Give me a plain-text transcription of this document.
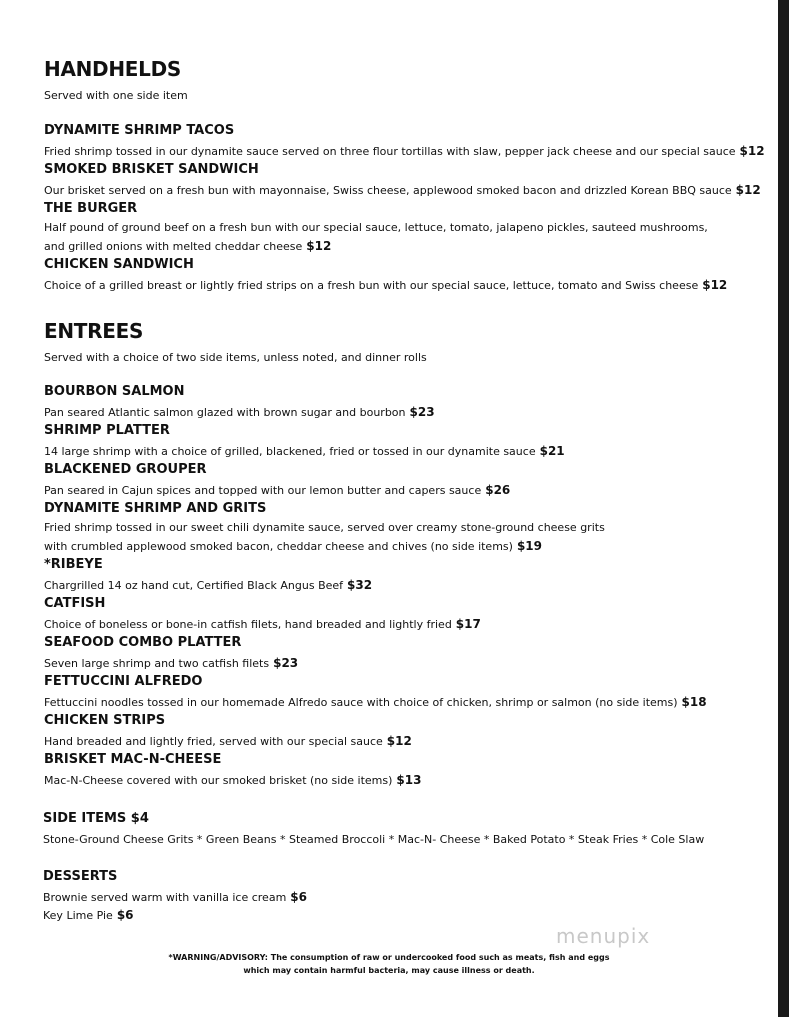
HANDHELDS
Served with one side item
DYNAMITE SHRIMP TACOS
Fried shrimp tossed in our dynamite sauce served on three flour tortillas with slaw, pepper jack cheese and our special sauce $12
SMOKED BRISKET SANDWICH
Our brisket served on a fresh bun with mayonnaise, Swiss cheese, applewood smoked bacon and drizzled Korean BBQ sauce $12
THE BURGER
Half pound of ground beef on a fresh bun with our special sauce, lettuce, tomato, jalapeno pickles, sauteed mushrooms,
and grilled onions with melted cheddar cheese $12
CHICKEN SANDWICH
Choice of a grilled breast or lightly fried strips on a fresh bun with our special sauce, lettuce, tomato and Swiss cheese $12
ENTREES
Served with a choice of two side items, unless noted, and dinner rolls
BOURBON SALMON
Pan seared Atlantic salmon glazed with brown sugar and bourbon $23
SHRIMP PLATTER
14 large shrimp with a choice of grilled, blackened, fried or tossed in our dynamite sauce $21
BLACKENED GROUPER
Pan seared in Cajun spices and topped with our lemon butter and capers sauce $26
DYNAMITE SHRIMP AND GRITS
Fried shrimp tossed in our sweet chili dynamite sauce, served over creamy stone-ground cheese grits
with crumbled applewood smoked bacon, cheddar cheese and chives (no side items) $19
*RIBEYE
Chargrilled 14 oz hand cut, Certified Black Angus Beef $32
CATFISH
Choice of boneless or bone-in catfish filets, hand breaded and lightly fried $17
SEAFOOD COMBO PLATTER
Seven large shrimp and two catfish filets $23
FETTUCCINI ALFREDO
Fettuccini noodles tossed in our homemade Alfredo sauce with choice of chicken, shrimp or salmon (no side items) $18
CHICKEN STRIPS
Hand breaded and lightly fried, served with our special sauce $12
BRISKET MAC-N-CHEESE
Mac-N-Cheese covered with our smoked brisket (no side items) $13
SIDE ITEMS $4
Stone-Ground Cheese Grits * Green Beans * Steamed Broccoli * Mac-N- Cheese * Baked Potato * Steak Fries * Cole Slaw
DESSERTS
Brownie served warm with vanilla ice cream $6
Key Lime Pie $6
menupix
*WARNING/ADVISORY: The consumption of raw or undercooked food such as meats, fish and eggs
which may contain harmful bacteria, may cause illness or death.
